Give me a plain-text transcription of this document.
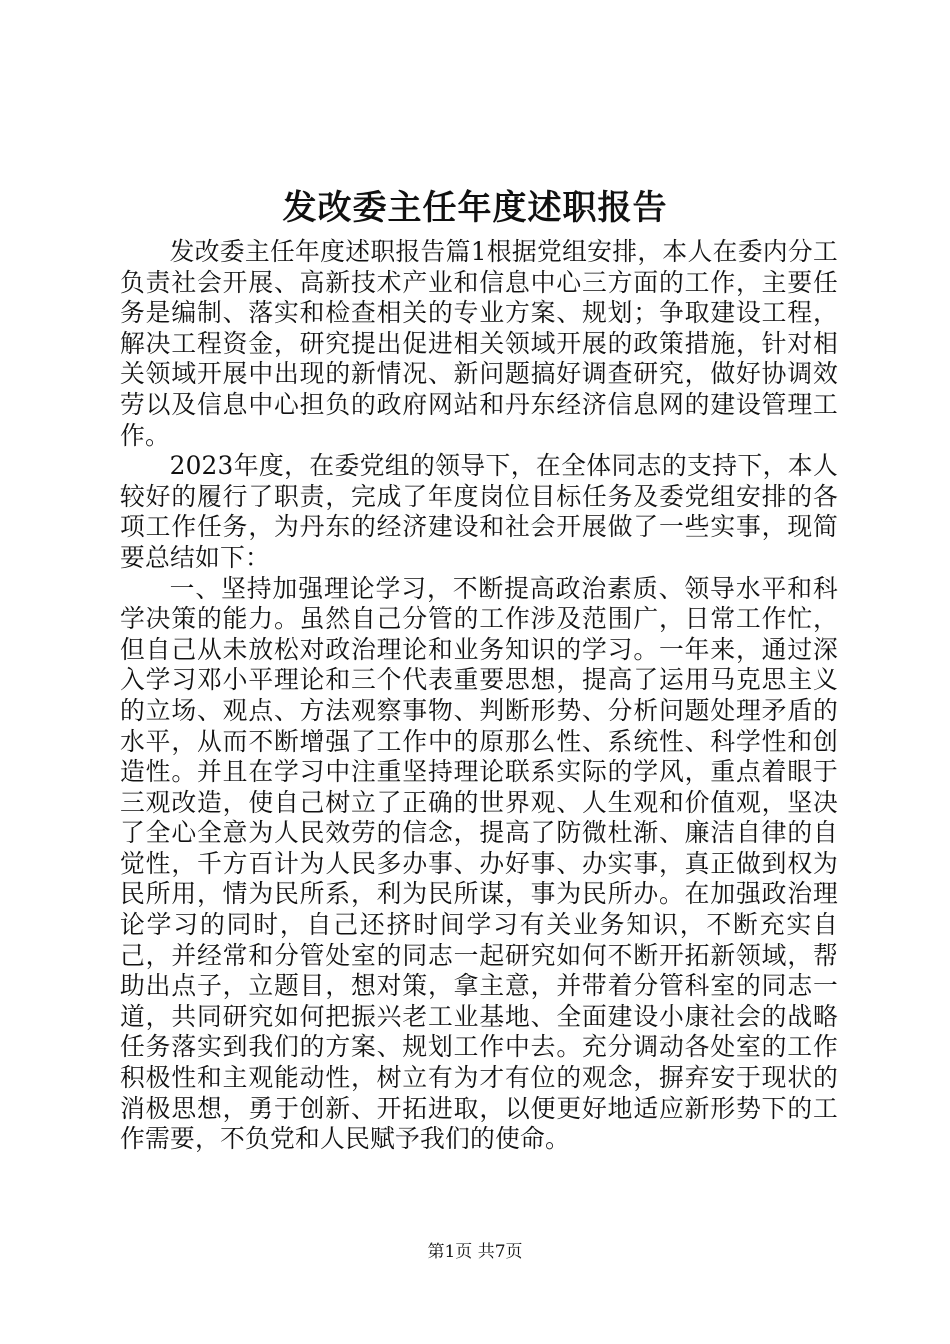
发改委主任年度述职报告

发改委主任年度述职报告篇1根据党组安排，本人在委内分工负责社会开展、高新技术产业和信息中心三方面的工作，主要任务是编制、落实和检查相关的专业方案、规划；争取建设工程，解决工程资金，研究提出促进相关领域开展的政策措施，针对相关领域开展中出现的新情况、新问题搞好调查研究，做好协调效劳以及信息中心担负的政府网站和丹东经济信息网的建设管理工作。

2023年度，在委党组的领导下，在全体同志的支持下，本人较好的履行了职责，完成了年度岗位目标任务及委党组安排的各项工作任务，为丹东的经济建设和社会开展做了一些实事，现简要总结如下：

一、坚持加强理论学习，不断提高政治素质、领导水平和科学决策的能力。虽然自己分管的工作涉及范围广，日常工作忙，但自己从未放松对政治理论和业务知识的学习。一年来，通过深入学习邓小平理论和三个代表重要思想，提高了运用马克思主义的立场、观点、方法观察事物、判断形势、分析问题处理矛盾的水平，从而不断增强了工作中的原那么性、系统性、科学性和创造性。并且在学习中注重坚持理论联系实际的学风，重点着眼于三观改造，使自己树立了正确的世界观、人生观和价值观，坚决了全心全意为人民效劳的信念，提高了防微杜渐、廉洁自律的自觉性，千方百计为人民多办事、办好事、办实事，真正做到权为民所用，情为民所系，利为民所谋，事为民所办。在加强政治理论学习的同时，自己还挤时间学习有关业务知识，不断充实自己，并经常和分管处室的同志一起研究如何不断开拓新领域，帮助出点子，立题目，想对策，拿主意，并带着分管科室的同志一道，共同研究如何把振兴老工业基地、全面建设小康社会的战略任务落实到我们的方案、规划工作中去。充分调动各处室的工作积极性和主观能动性，树立有为才有位的观念，摒弃安于现状的消极思想，勇于创新、开拓进取，以便更好地适应新形势下的工作需要，不负党和人民赋予我们的使命。

第1页 共7页
